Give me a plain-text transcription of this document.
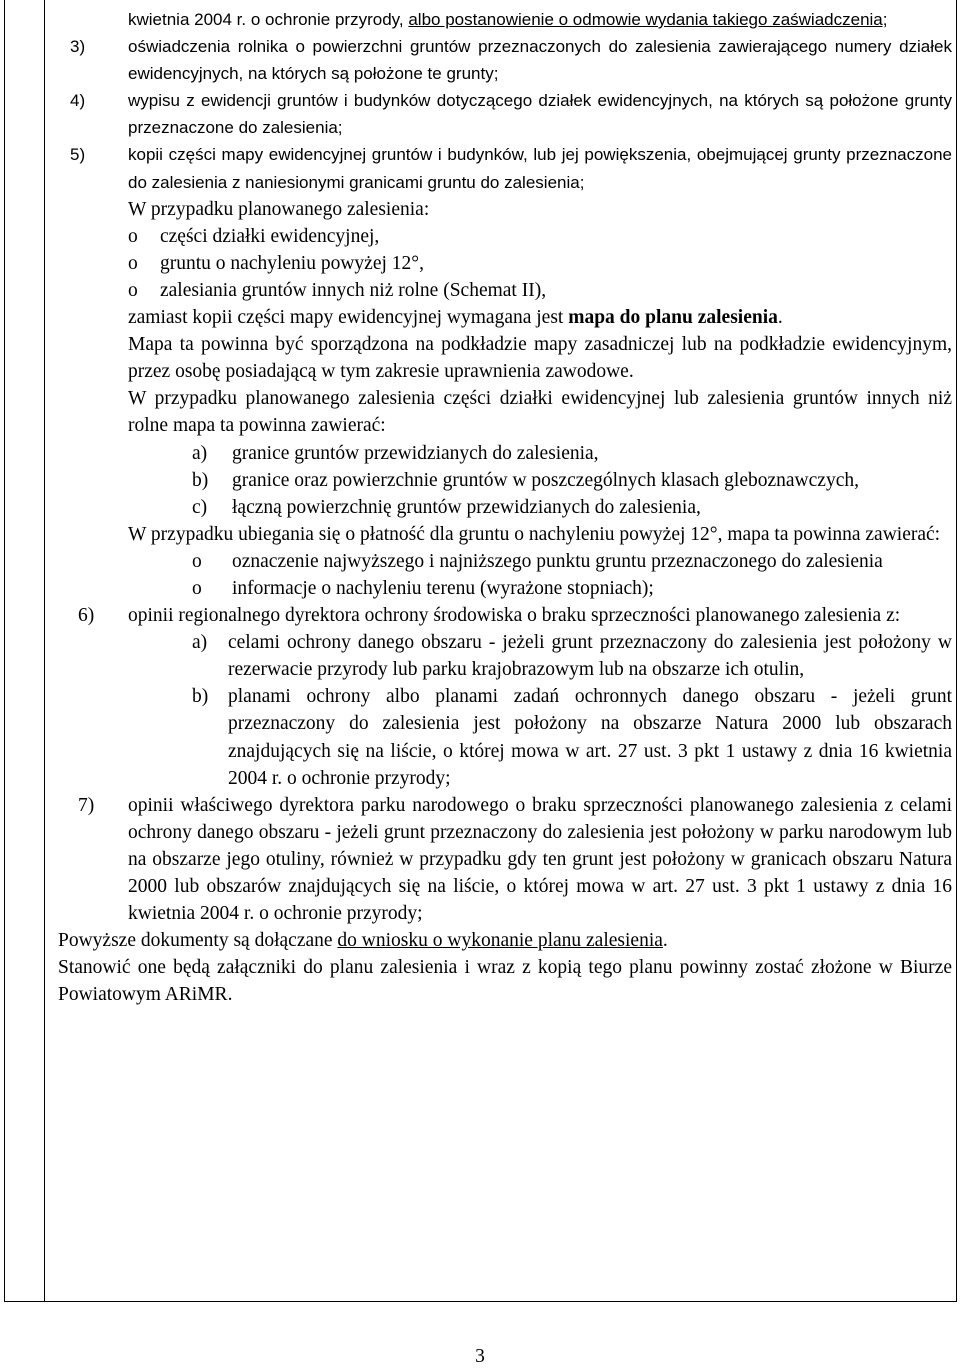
kwietnia 2004 r. o ochronie przyrody, albo postanowienie o odmowie wydania takiego zaświadczenia;

3)	oświadczenia rolnika o powierzchni gruntów przeznaczonych do zalesienia zawierającego numery działek ewidencyjnych, na których są położone te grunty;
4)	wypisu z ewidencji gruntów i budynków dotyczącego działek ewidencyjnych, na których są położone grunty przeznaczone do zalesienia;
5)	kopii części mapy ewidencyjnej gruntów i budynków, lub jej powiększenia, obejmującej grunty przeznaczone do zalesienia z naniesionymi granicami gruntu do zalesienia;

W przypadku planowanego zalesienia:

o	części działki ewidencyjnej,
o	gruntu o nachyleniu powyżej 12°,
o	zalesiania gruntów innych niż rolne (Schemat II),

zamiast kopii części mapy ewidencyjnej wymagana jest mapa do planu zalesienia.

Mapa ta powinna być sporządzona na podkładzie mapy zasadniczej lub na podkładzie ewidencyjnym, przez osobę posiadającą w tym zakresie uprawnienia zawodowe.

W przypadku planowanego zalesienia części działki ewidencyjnej lub zalesienia gruntów innych niż rolne mapa ta powinna zawierać:

a)	granice gruntów przewidzianych do zalesienia,
b)	granice oraz powierzchnie gruntów w poszczególnych klasach gleboznawczych,
c)	łączną powierzchnię gruntów przewidzianych do zalesienia,

W przypadku ubiegania się o płatność dla gruntu o nachyleniu powyżej 12°, mapa ta powinna zawierać:

o	oznaczenie najwyższego i najniższego punktu gruntu przeznaczonego do zalesienia
o	informacje o nachyleniu terenu (wyrażone stopniach);
6)	opinii regionalnego dyrektora ochrony środowiska o braku sprzeczności planowanego zalesienia z:
a)	celami ochrony danego obszaru - jeżeli grunt przeznaczony do zalesienia jest położony w rezerwacie przyrody lub parku krajobrazowym lub na obszarze ich otulin,
b)	planami ochrony albo planami zadań ochronnych danego obszaru - jeżeli grunt przeznaczony do zalesienia jest położony na obszarze Natura 2000 lub obszarach znajdujących się na liście, o której mowa w art. 27 ust. 3 pkt 1 ustawy z dnia 16 kwietnia 2004 r. o ochronie przyrody;
7)	opinii właściwego dyrektora parku narodowego o braku sprzeczności planowanego zalesienia z celami ochrony danego obszaru - jeżeli grunt przeznaczony do zalesienia jest położony w parku narodowym lub na obszarze jego otuliny, również w przypadku gdy ten grunt jest położony w granicach obszaru Natura 2000 lub obszarów znajdujących się na liście, o której mowa w art. 27 ust. 3 pkt 1 ustawy z dnia 16 kwietnia 2004 r. o ochronie przyrody;

Powyższe dokumenty są dołączane do wniosku o wykonanie planu zalesienia.

Stanowić one będą załączniki do planu zalesienia i wraz z kopią tego planu powinny zostać złożone w Biurze Powiatowym ARiMR.

3
